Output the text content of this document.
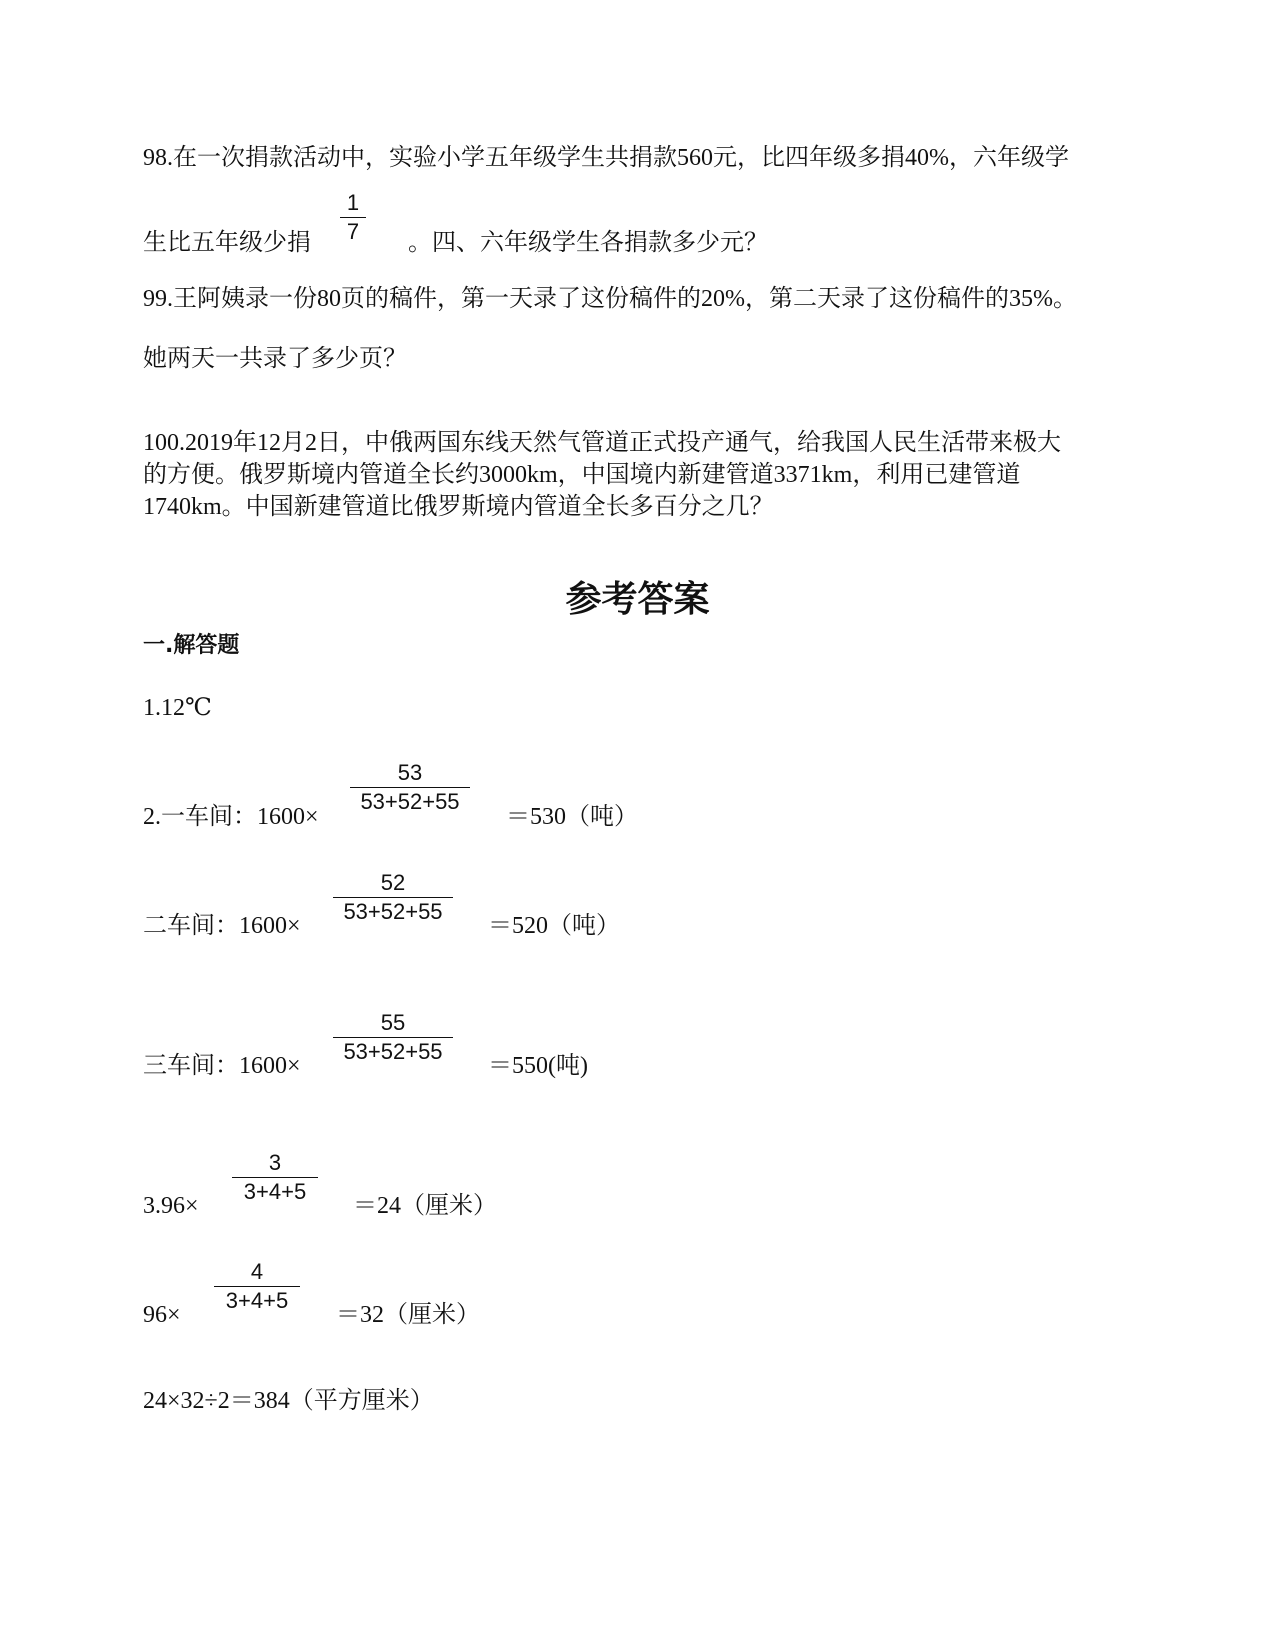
98.在一次捐款活动中，实验小学五年级学生共捐款560元，比四年级多捐40%，六年级学
$\frac{1}{7}$
生比五年级少捐	。四、六年级学生各捐款多少元？
99.王阿姨录一份80页的稿件，第一天录了这份稿件的20%，第二天录了这份稿件的35%。
她两天一共录了多少页？
100.2019年12月2日，中俄两国东线天然气管道正式投产通气，给我国人民生活带来极大
的方便。俄罗斯境内管道全长约3000km，中国境内新建管道3371km，利用已建管道
1740km。中国新建管道比俄罗斯境内管道全长多百分之几？
参考答案
一.解答题
1.12℃
2.一车间：1600×
$\frac{53}{53+52+55}$
＝530（吨）
二车间：1600×
$\frac{52}{53+52+55}$
＝520（吨）
三车间：1600×
$\frac{55}{53+52+55}$
＝550(吨)
3.96×
$\frac{3}{3+4+5}$
＝24（厘米）
96×
$\frac{4}{3+4+5}$
＝32（厘米）
24×32÷2＝384（平方厘米）
